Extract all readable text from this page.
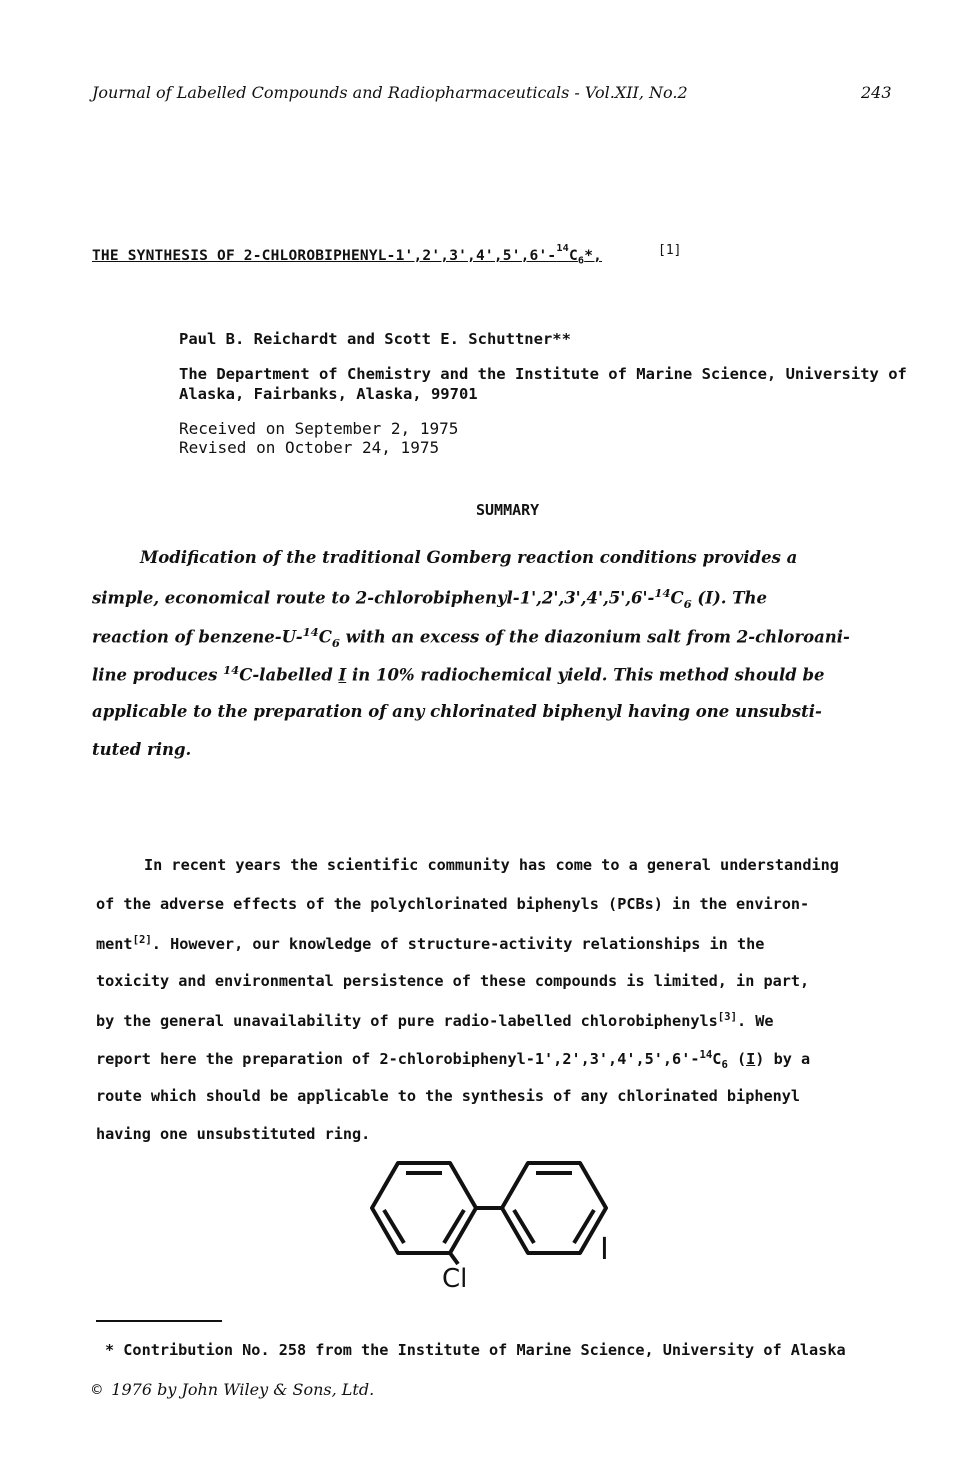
Journal of Labelled Compounds and Radiopharmaceuticals - Vol.XII, No.2	243
THE SYNTHESIS OF $2-CHLOROBIPHENYL-1',2',3',4',5',6'-^{14}C_6*$,	[1]
Paul B. Reichardt and Scott E. Schuttner**
The Department of Chemistry and the Institute of Marine Science, University of
Alaska, Fairbanks, Alaska, 99701
Received on September 2, 1975
Revised on October 24, 1975
SUMMARY
Modification of the traditional Gomberg reaction conditions provides a
simple, economical route to $2-chlorobiphenyl-1',2',3',4',5',6'-^{14}C_6$ (I). The
reaction of benzene-$U-^{14}C_6$ with an excess of the diazonium salt from 2-chloroani-
line produces $^{14}$C-labelled I in 10% radiochemical yield. This method should be
applicable to the preparation of any chlorinated biphenyl having one unsubsti-
tuted ring.
In recent years the scientific community has come to a general understanding
of the adverse effects of the polychlorinated biphenyls (PCBs) in the environ-
ment[2]. However, our knowledge of structure-activity relationships in the
toxicity and environmental persistence of these compounds is limited, in part,
by the general unavailability of pure radio-labelled chlorobiphenyls[3]. We
report here the preparation of $2-chlorobiphenyl-1',2',3',4',5',6'-^{14}C_6$ (I) by a
route which should be applicable to the synthesis of any chlorinated biphenyl
having one unsubstituted ring.
Cl
I
* Contribution No. 258 from the Institute of Marine Science, University of Alaska
© 1976 by John Wiley & Sons, Ltd.
